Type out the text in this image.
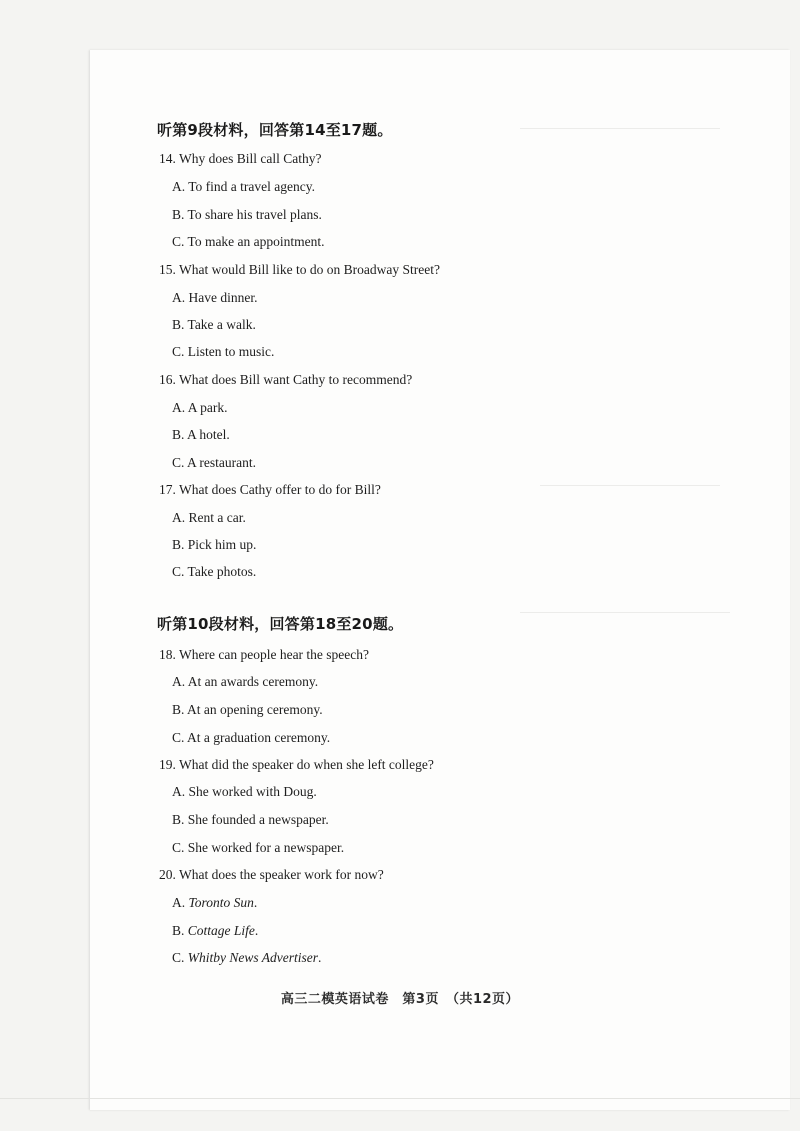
听第9段材料，回答第14至17题。
14. Why does Bill call Cathy?
A. To find a travel agency.
B. To share his travel plans.
C. To make an appointment.
15. What would Bill like to do on Broadway Street?
A. Have dinner.
B. Take a walk.
C. Listen to music.
16. What does Bill want Cathy to recommend?
A. A park.
B. A hotel.
C. A restaurant.
17. What does Cathy offer to do for Bill?
A. Rent a car.
B. Pick him up.
C. Take photos.
听第10段材料，回答第18至20题。
18. Where can people hear the speech?
A. At an awards ceremony.
B. At an opening ceremony.
C. At a graduation ceremony.
19. What did the speaker do when she left college?
A. She worked with Doug.
B. She founded a newspaper.
C. She worked for a newspaper.
20. What does the speaker work for now?
A. Toronto Sun.
B. Cottage Life.
C. Whitby News Advertiser.
高三二模英语试卷　第3页　（共12页）
